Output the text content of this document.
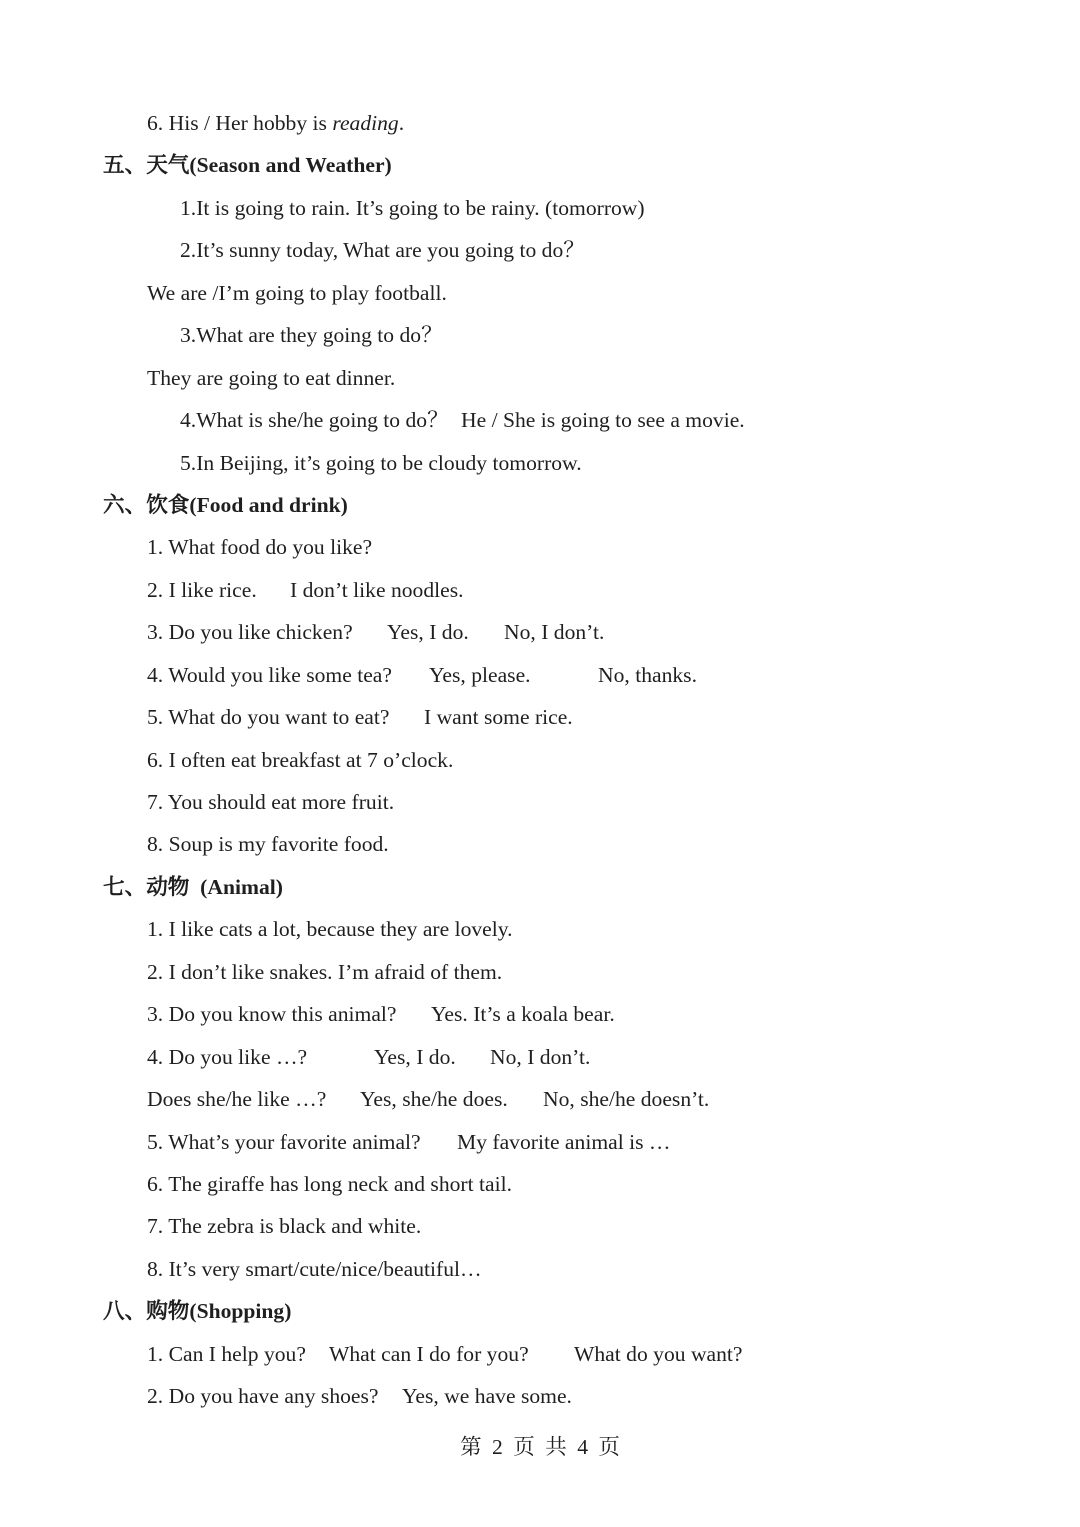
6. His / Her hobby is reading.
五、天气(Season and Weather)
1.It is going to rain. It’s going to be rainy. (tomorrow)
2.It’s sunny today, What are you going to do？
We are /I’m going to play football.
3.What are they going to do？
They are going to eat dinner.
4.What is she/he going to do？ He / She is going to see a movie.
5.In Beijing, it’s going to be cloudy tomorrow.
六、饮食(Food and drink)
1. What food do you like?
2. I like rice. I don’t like noodles.
3. Do you like chicken? Yes, I do. No, I don’t.
4. Would you like some tea? Yes, please.	No, thanks.
5. What do you want to eat? I want some rice.
6. I often eat breakfast at 7 o’clock.
7. You should eat more fruit.
8. Soup is my favorite food.
七、动物  (Animal)
1. I like cats a lot, because they are lovely.
2. I don’t like snakes. I’m afraid of them.
3. Do you know this animal? Yes. It’s a koala bear.
4. Do you like …?	Yes, I do. No, I don’t.
Does she/he like …? Yes, she/he does. No, she/he doesn’t.
5. What’s your favorite animal? My favorite animal is …
6. The giraffe has long neck and short tail.
7. The zebra is black and white.
8. It’s very smart/cute/nice/beautiful…
八、购物(Shopping)
1. Can I help you? What can I do for you? What do you want?
2. Do you have any shoes? Yes, we have some.
第 2 页 共 4 页
